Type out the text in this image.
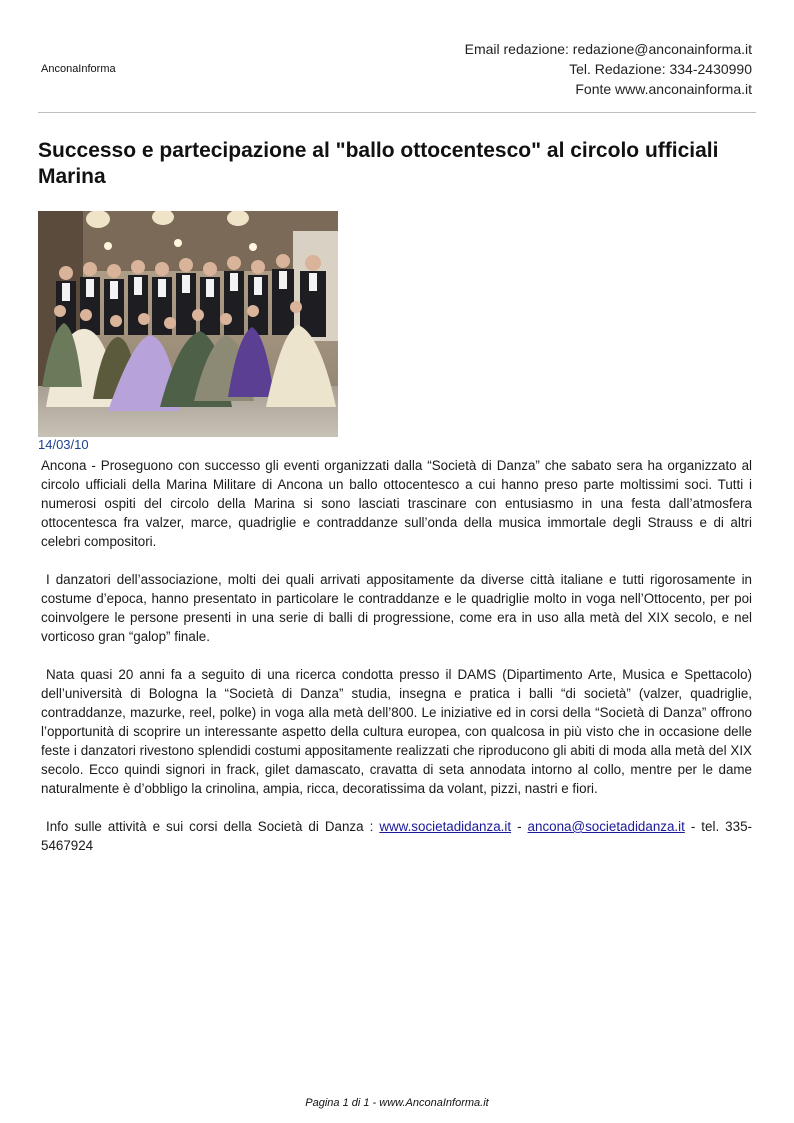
AnconaInforma
Email redazione: redazione@anconainforma.it
Tel. Redazione: 334-2430990
Fonte www.anconainforma.it
Successo e partecipazione al "ballo ottocentesco" al circolo ufficiali Marina
14/03/10

Ancona - Proseguono con successo gli eventi organizzati dalla “Società di Danza” che sabato sera ha organizzato al circolo ufficiali della Marina Militare di Ancona un ballo ottocentesco a cui hanno preso parte moltissimi soci. Tutti i numerosi ospiti del circolo della Marina si sono lasciati trascinare con entusiasmo in una festa dall’atmosfera ottocentesca fra valzer, marce, quadriglie e contraddanze sull’onda della musica immortale degli Strauss e di altri celebri compositori.

I danzatori dell’associazione, molti dei quali arrivati appositamente da diverse città italiane e tutti rigorosamente in costume d’epoca, hanno presentato in particolare le contraddanze e le quadriglie molto in voga nell’Ottocento, per poi coinvolgere le persone presenti in una serie di balli di progressione, come era in uso alla metà del XIX secolo, e nel vorticoso gran “galop” finale.

Nata quasi 20 anni fa a seguito di una ricerca condotta presso il DAMS (Dipartimento Arte, Musica e Spettacolo) dell’università di Bologna la “Società di Danza” studia, insegna e pratica i balli “di società” (valzer, quadriglie, contraddanze, mazurke, reel, polke) in voga alla metà dell’800. Le iniziative ed in corsi della “Società di Danza” offrono l’opportunità di scoprire un interessante aspetto della cultura europea, con qualcosa in più visto che in occasione delle feste i danzatori rivestono splendidi costumi appositamente realizzati che riproducono gli abiti di moda alla metà del XIX secolo. Ecco quindi signori in frack, gilet damascato, cravatta di seta annodata intorno al collo, mentre per le dame naturalmente è d’obbligo la crinolina, ampia, ricca, decoratissima da volant, pizzi, nastri e fiori.

Info sulle attività e sui corsi della Società di Danza : www.societadidanza.it - ancona@societadidanza.it - tel. 335-5467924

Pagina 1 di 1 - www.AnconaInforma.it
